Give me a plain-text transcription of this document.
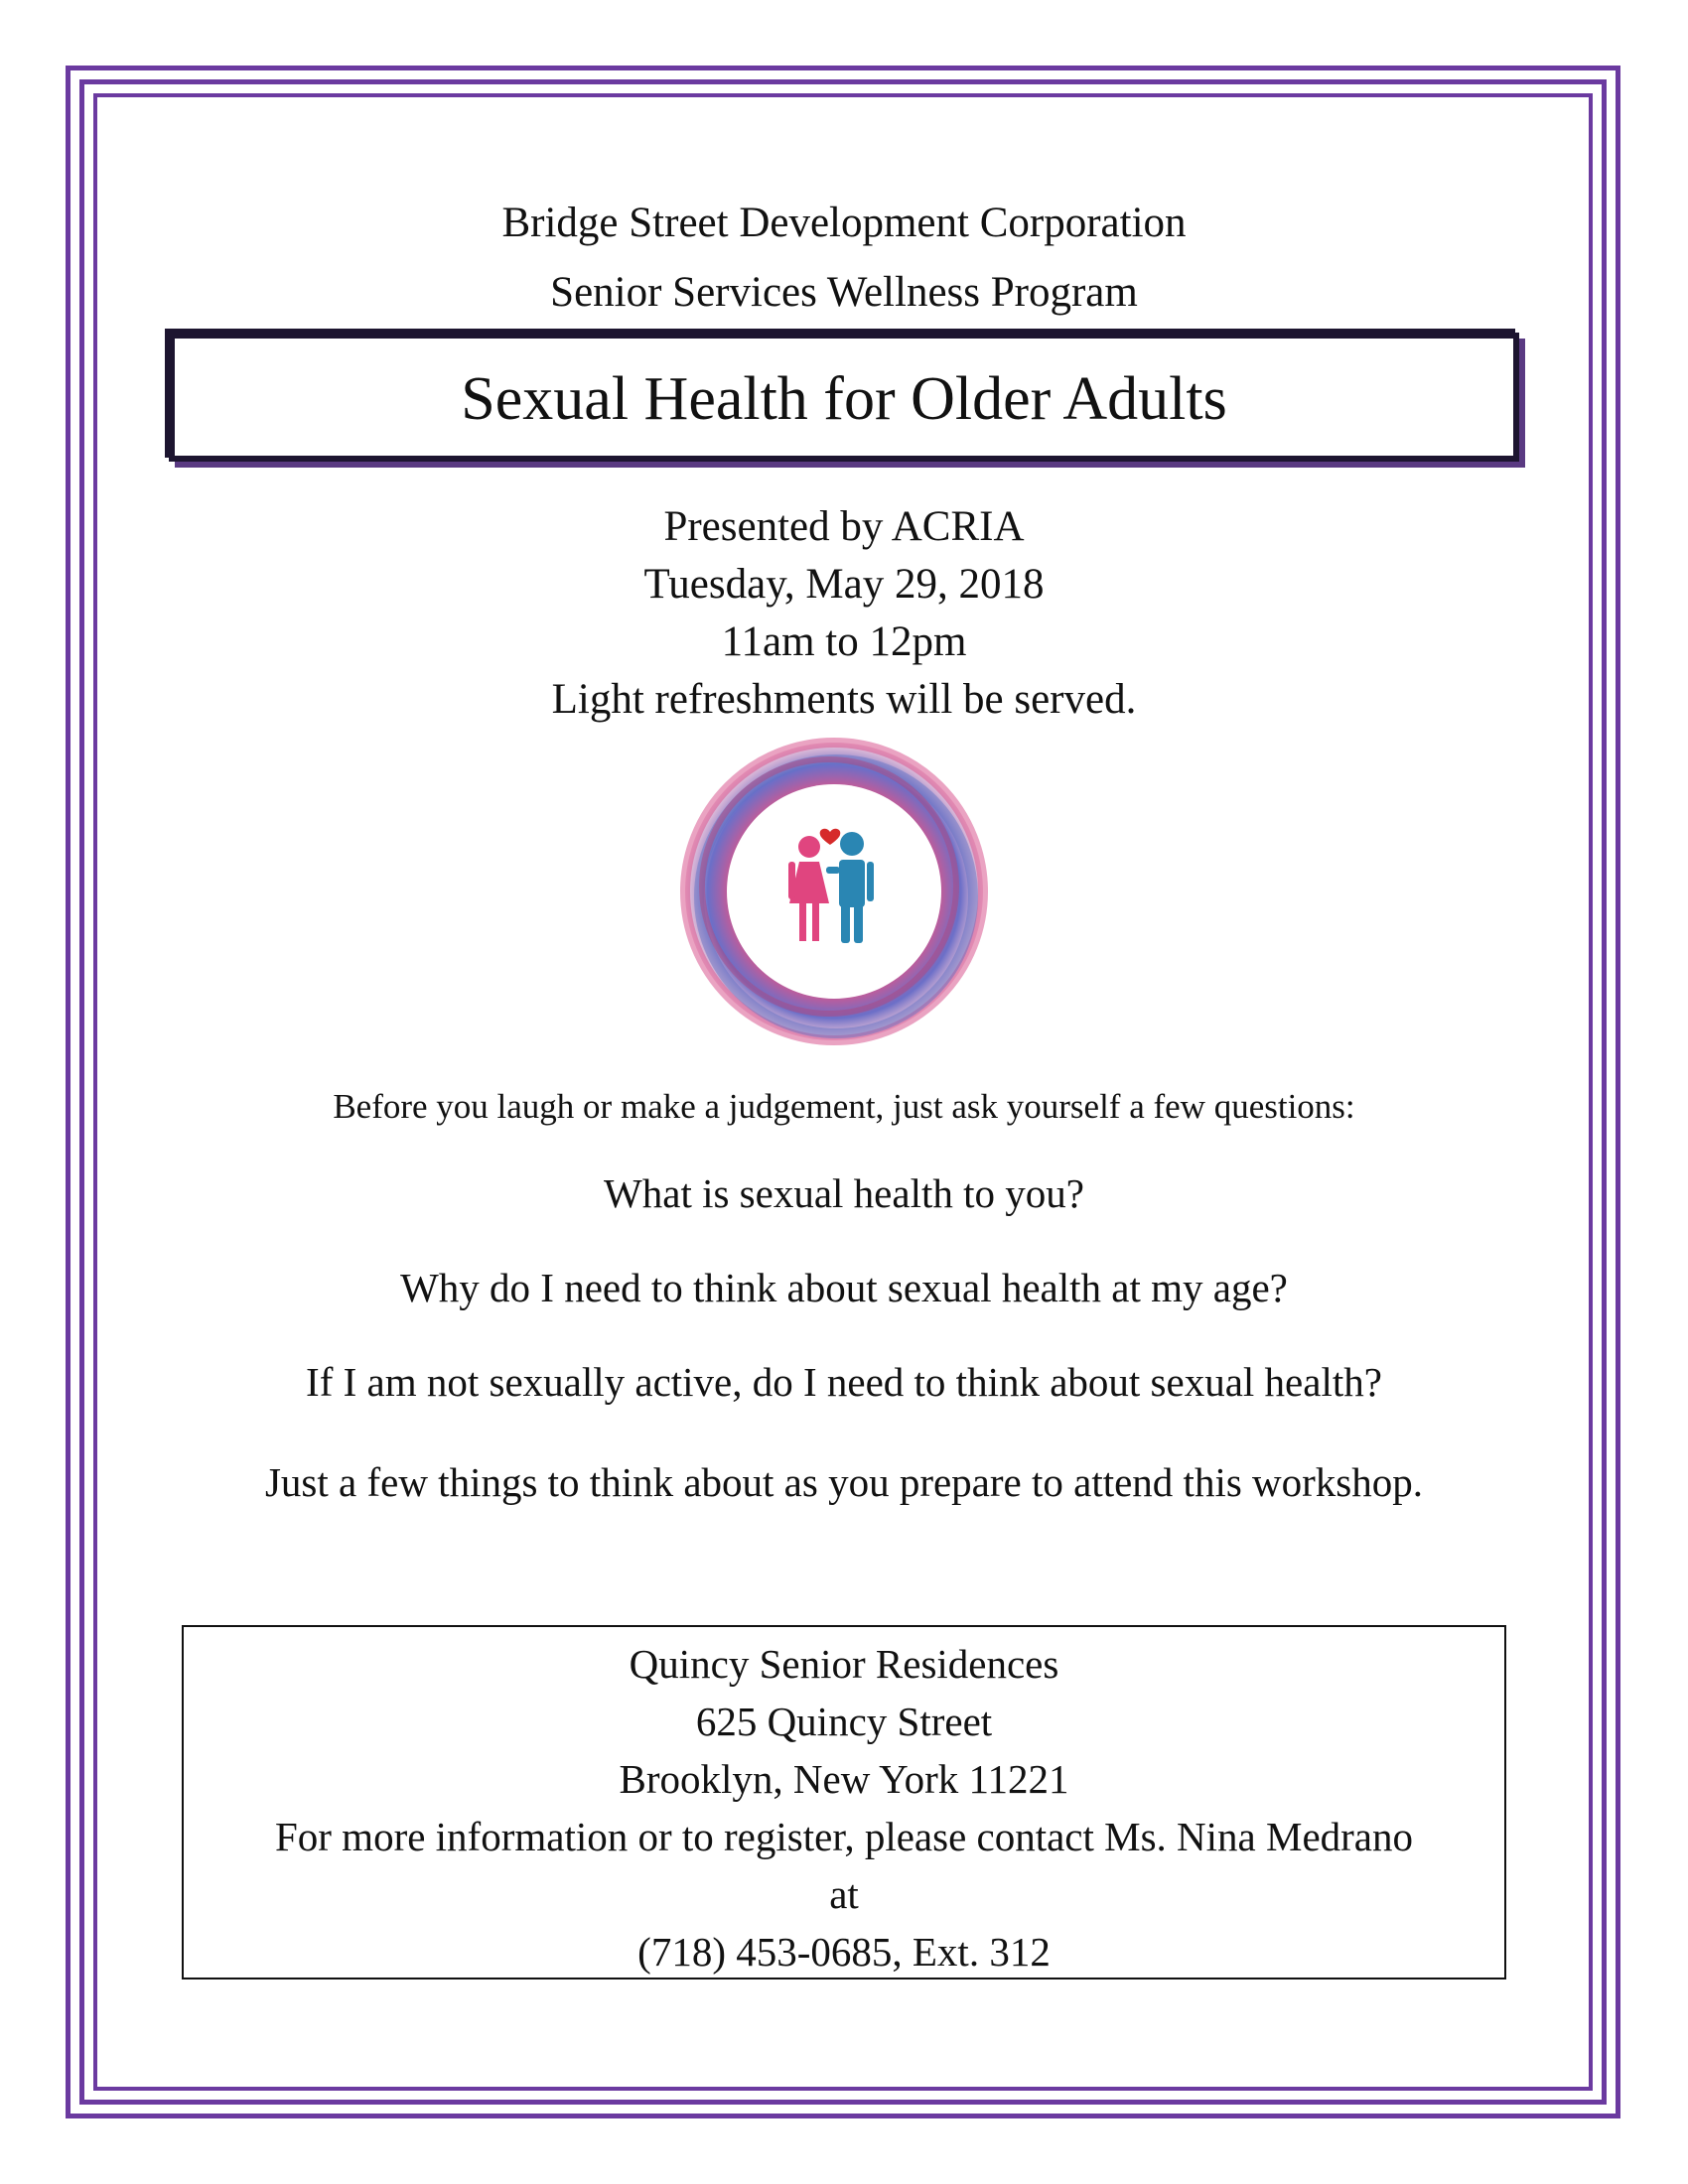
Bridge Street Development Corporation
Senior Services Wellness Program
Sexual Health for Older Adults
Presented by ACRIA
Tuesday, May 29, 2018
11am to 12pm
Light refreshments will be served.
Before you laugh or make a judgement, just ask yourself a few questions:
What is sexual health to you?
Why do I need to think about sexual health at my age?
If I am not sexually active, do I need to think about sexual health?
Just a few things to think about as you prepare to attend this workshop.
Quincy Senior Residences
625 Quincy Street
Brooklyn, New York 11221
For more information or to register, please contact Ms. Nina Medrano
at
(718) 453-0685, Ext. 312
